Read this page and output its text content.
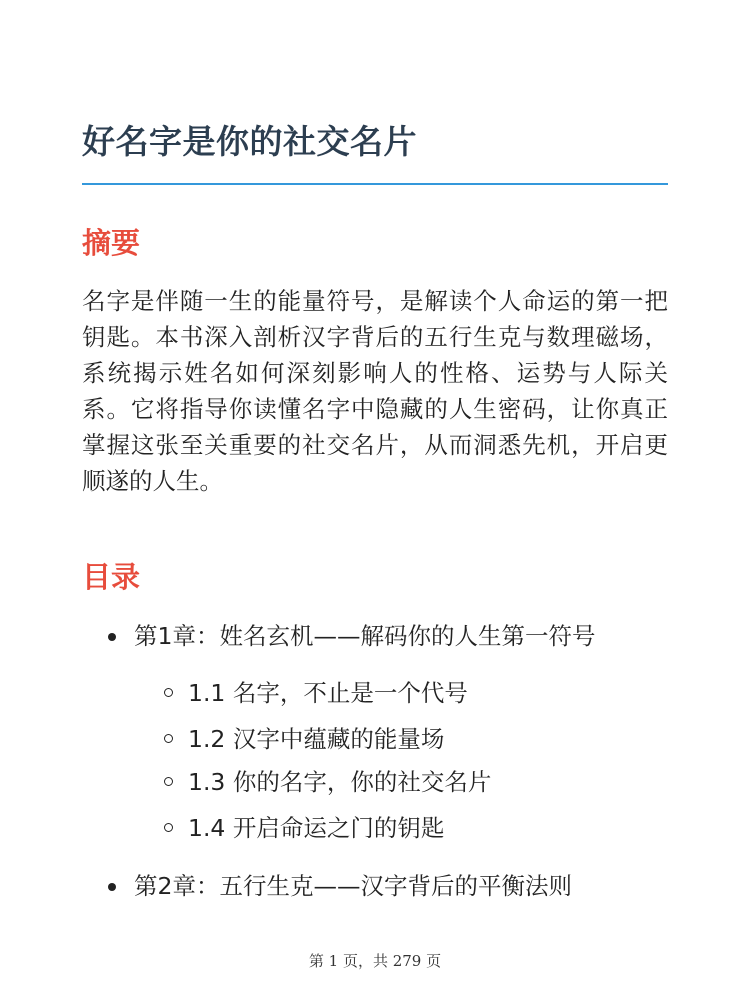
好名字是你的社交名片
摘要

名字是伴随一生的能量符号，是解读个人命运的第一把钥匙。本书深入剖析汉字背后的五行生克与数理磁场，系统揭示姓名如何深刻影响人的性格、运势与人际关系。它将指导你读懂名字中隐藏的人生密码，让你真正掌握这张至关重要的社交名片，从而洞悉先机，开启更顺遂的人生。

目录
第1章：姓名玄机——解码你的人生第一符号
1.1 名字，不止是一个代号
1.2 汉字中蕴藏的能量场
1.3 你的名字，你的社交名片
1.4 开启命运之门的钥匙
第2章：五行生克——汉字背后的平衡法则
第 1 页，共 279 页
